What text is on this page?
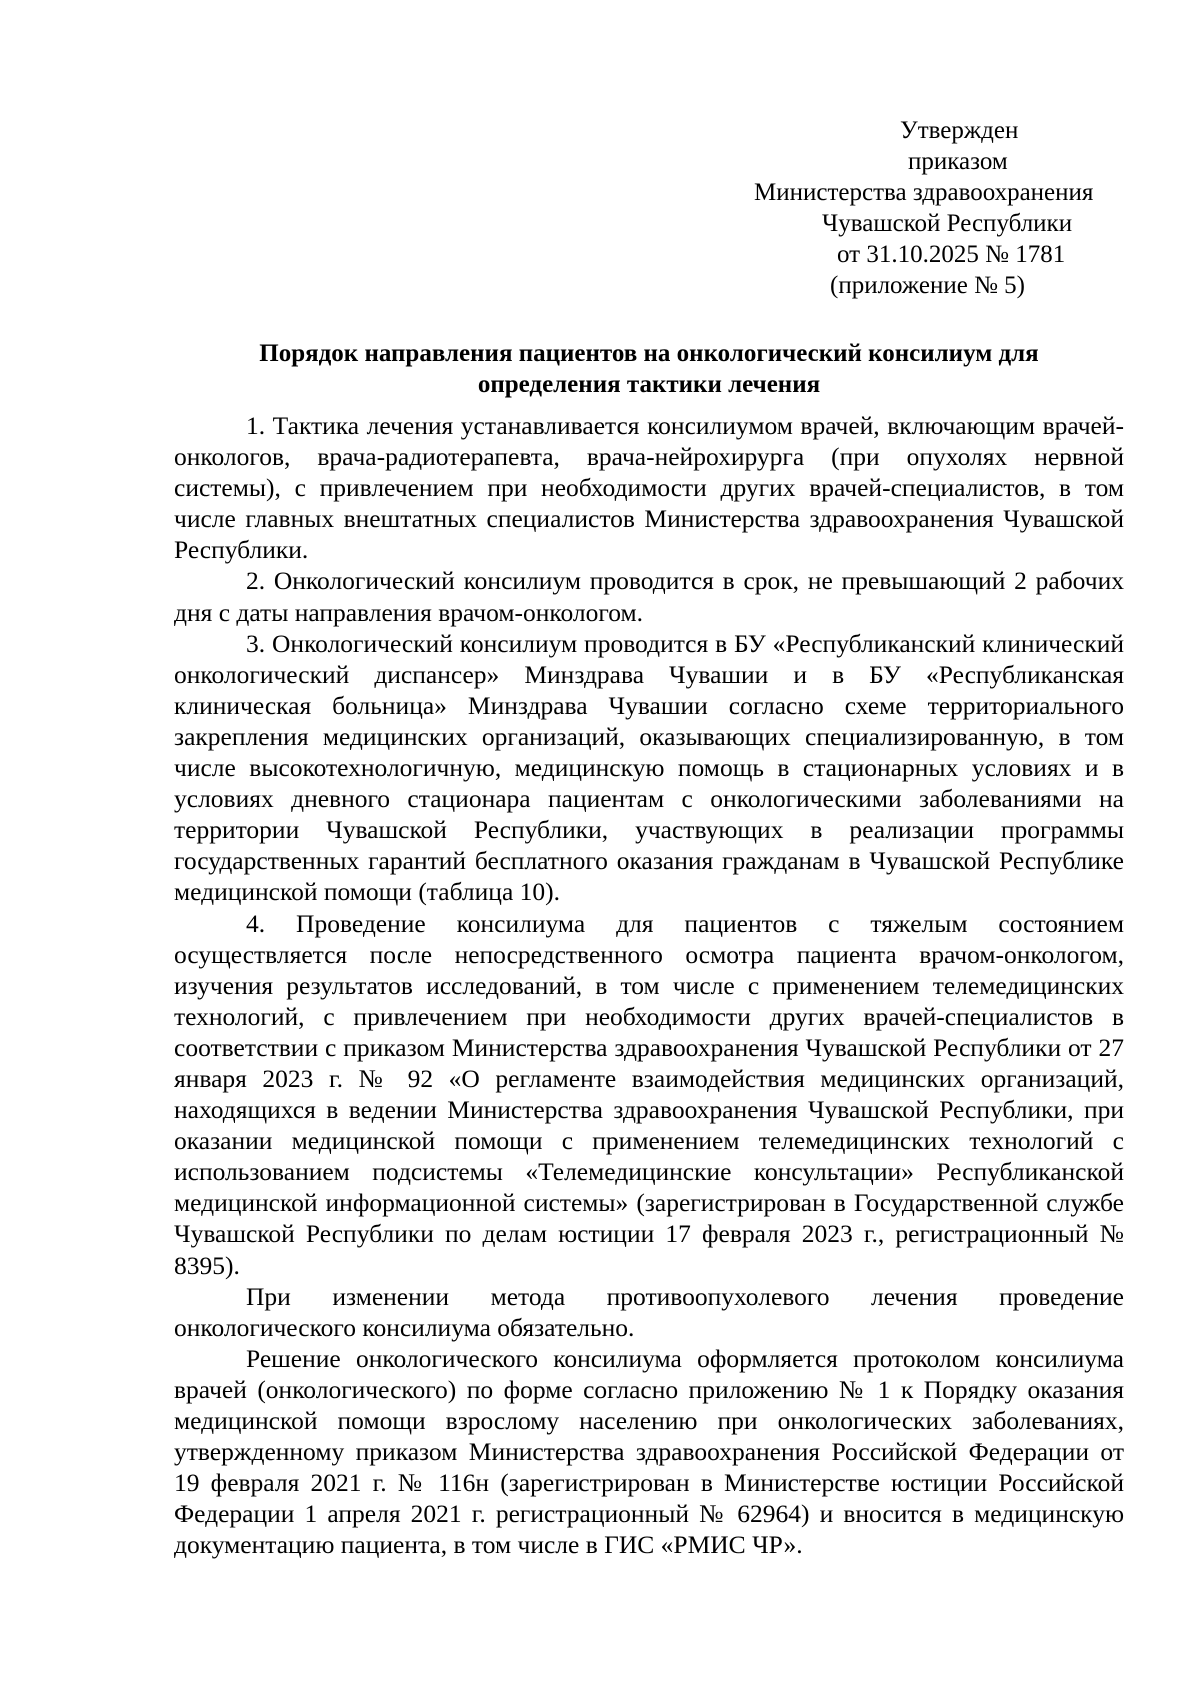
Утвержден
приказом
Министерства здравоохранения
Чувашской Республики
от 31.10.2025 № 1781
(приложение № 5)
Порядок направления пациентов на онкологический консилиум для
определения тактики лечения

1. Тактика лечения устанавливается консилиумом врачей, включающим врачей-онкологов, врача-радиотерапевта, врача-нейрохирурга (при опухолях нервной системы), с привлечением при необходимости других врачей-специалистов, в том числе главных внештатных специалистов Министерства здравоохранения Чувашской Республики.

2. Онкологический консилиум проводится в срок, не превышающий 2 рабочих дня с даты направления врачом-онкологом.

3. Онкологический консилиум проводится в БУ «Республиканский клинический онкологический диспансер» Минздрава Чувашии и в БУ «Республиканская клиническая больница» Минздрава Чувашии согласно схеме территориального закрепления медицинских организаций, оказывающих специализированную, в том числе высокотехнологичную, медицинскую помощь в стационарных условиях и в условиях дневного стационара пациентам с онкологическими заболеваниями на территории Чувашской Республики, участвующих в реализации программы государственных гарантий бесплатного оказания гражданам в Чувашской Республике медицинской помощи (таблица 10).

4. Проведение консилиума для пациентов с тяжелым состоянием осуществляется после непосредственного осмотра пациента врачом-онкологом, изучения результатов исследований, в том числе с применением телемедицинских технологий, с привлечением при необходимости других врачей-специалистов в соответствии с приказом Министерства здравоохранения Чувашской Республики от 27 января 2023 г. № 92 «О регламенте взаимодействия медицинских организаций, находящихся в ведении Министерства здравоохранения Чувашской Республики, при оказании медицинской помощи с применением телемедицинских технологий с использованием подсистемы «Телемедицинские консультации» Республиканской медицинской информационной системы» (зарегистрирован в Государственной службе Чувашской Республики по делам юстиции 17 февраля 2023 г., регистрационный № 8395).

При изменении метода противоопухолевого лечения проведение онкологического консилиума обязательно.

Решение онкологического консилиума оформляется протоколом консилиума врачей (онкологического) по форме согласно приложению № 1 к Порядку оказания медицинской помощи взрослому населению при онкологических заболеваниях, утвержденному приказом Министерства здравоохранения Российской Федерации от 19 февраля 2021 г. № 116н (зарегистрирован в Министерстве юстиции Российской Федерации 1 апреля 2021 г. регистрационный № 62964) и вносится в медицинскую документацию пациента, в том числе в ГИС «РМИС ЧР».
